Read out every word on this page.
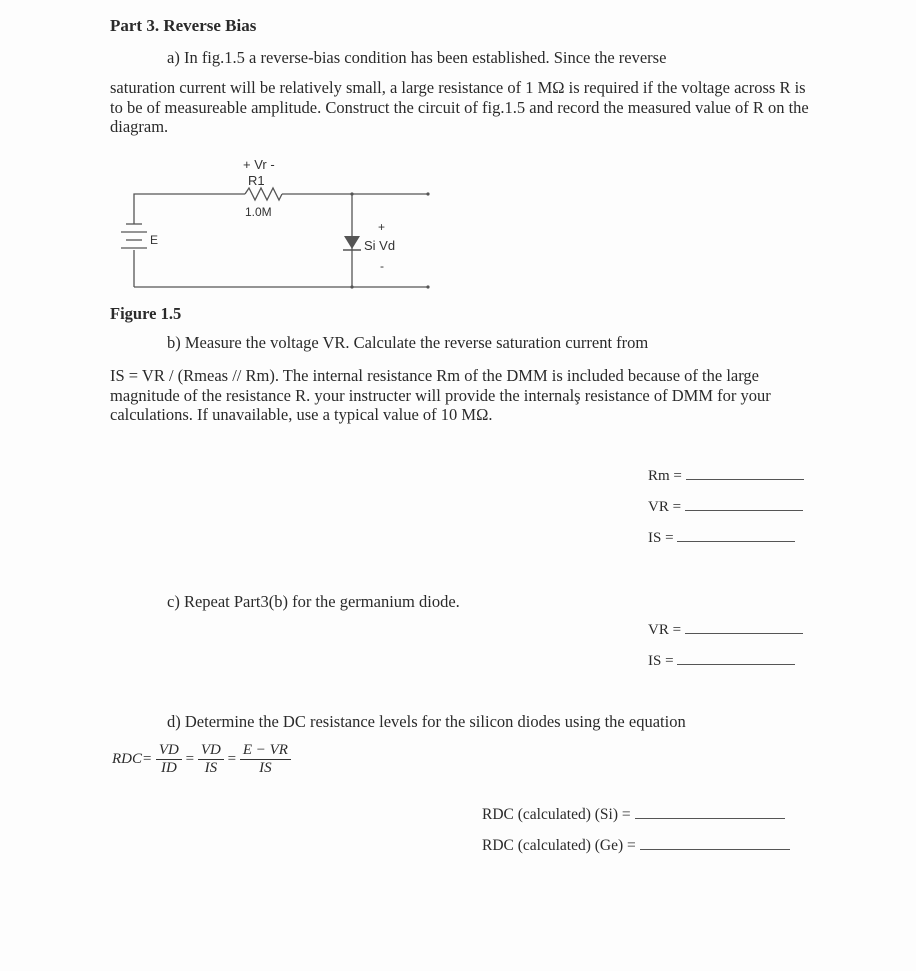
Part 3. Reverse Bias
a) In fig.1.5 a reverse-bias condition has been established. Since the reverse
saturation current will be relatively small, a large resistance of 1 MΩ is required if the voltage across R is to be of measureable amplitude. Construct the circuit of fig.1.5 and record the measured value of R on the diagram.
+ Vr -
R1
1.0M
E
+
Si Vd
-
Figure 1.5
b) Measure the voltage VR. Calculate the reverse saturation current from
IS = VR / (Rmeas // Rm). The internal resistance Rm of the DMM is included because of the large magnitude of the resistance R. your instructer will provide the internalş resistance of DMM for your calculations. If unavailable, use a typical value of 10 MΩ.
Rm =
VR =
IS =
c) Repeat Part3(b) for the germanium diode.
VR =
IS =
d) Determine the DC resistance levels for the silicon diodes using the equation
$RDC= \frac{VD}{ID} = \frac{VD}{IS} = \frac{E - VR}{IS}$
RDC (calculated) (Si) =
RDC (calculated) (Ge) =
